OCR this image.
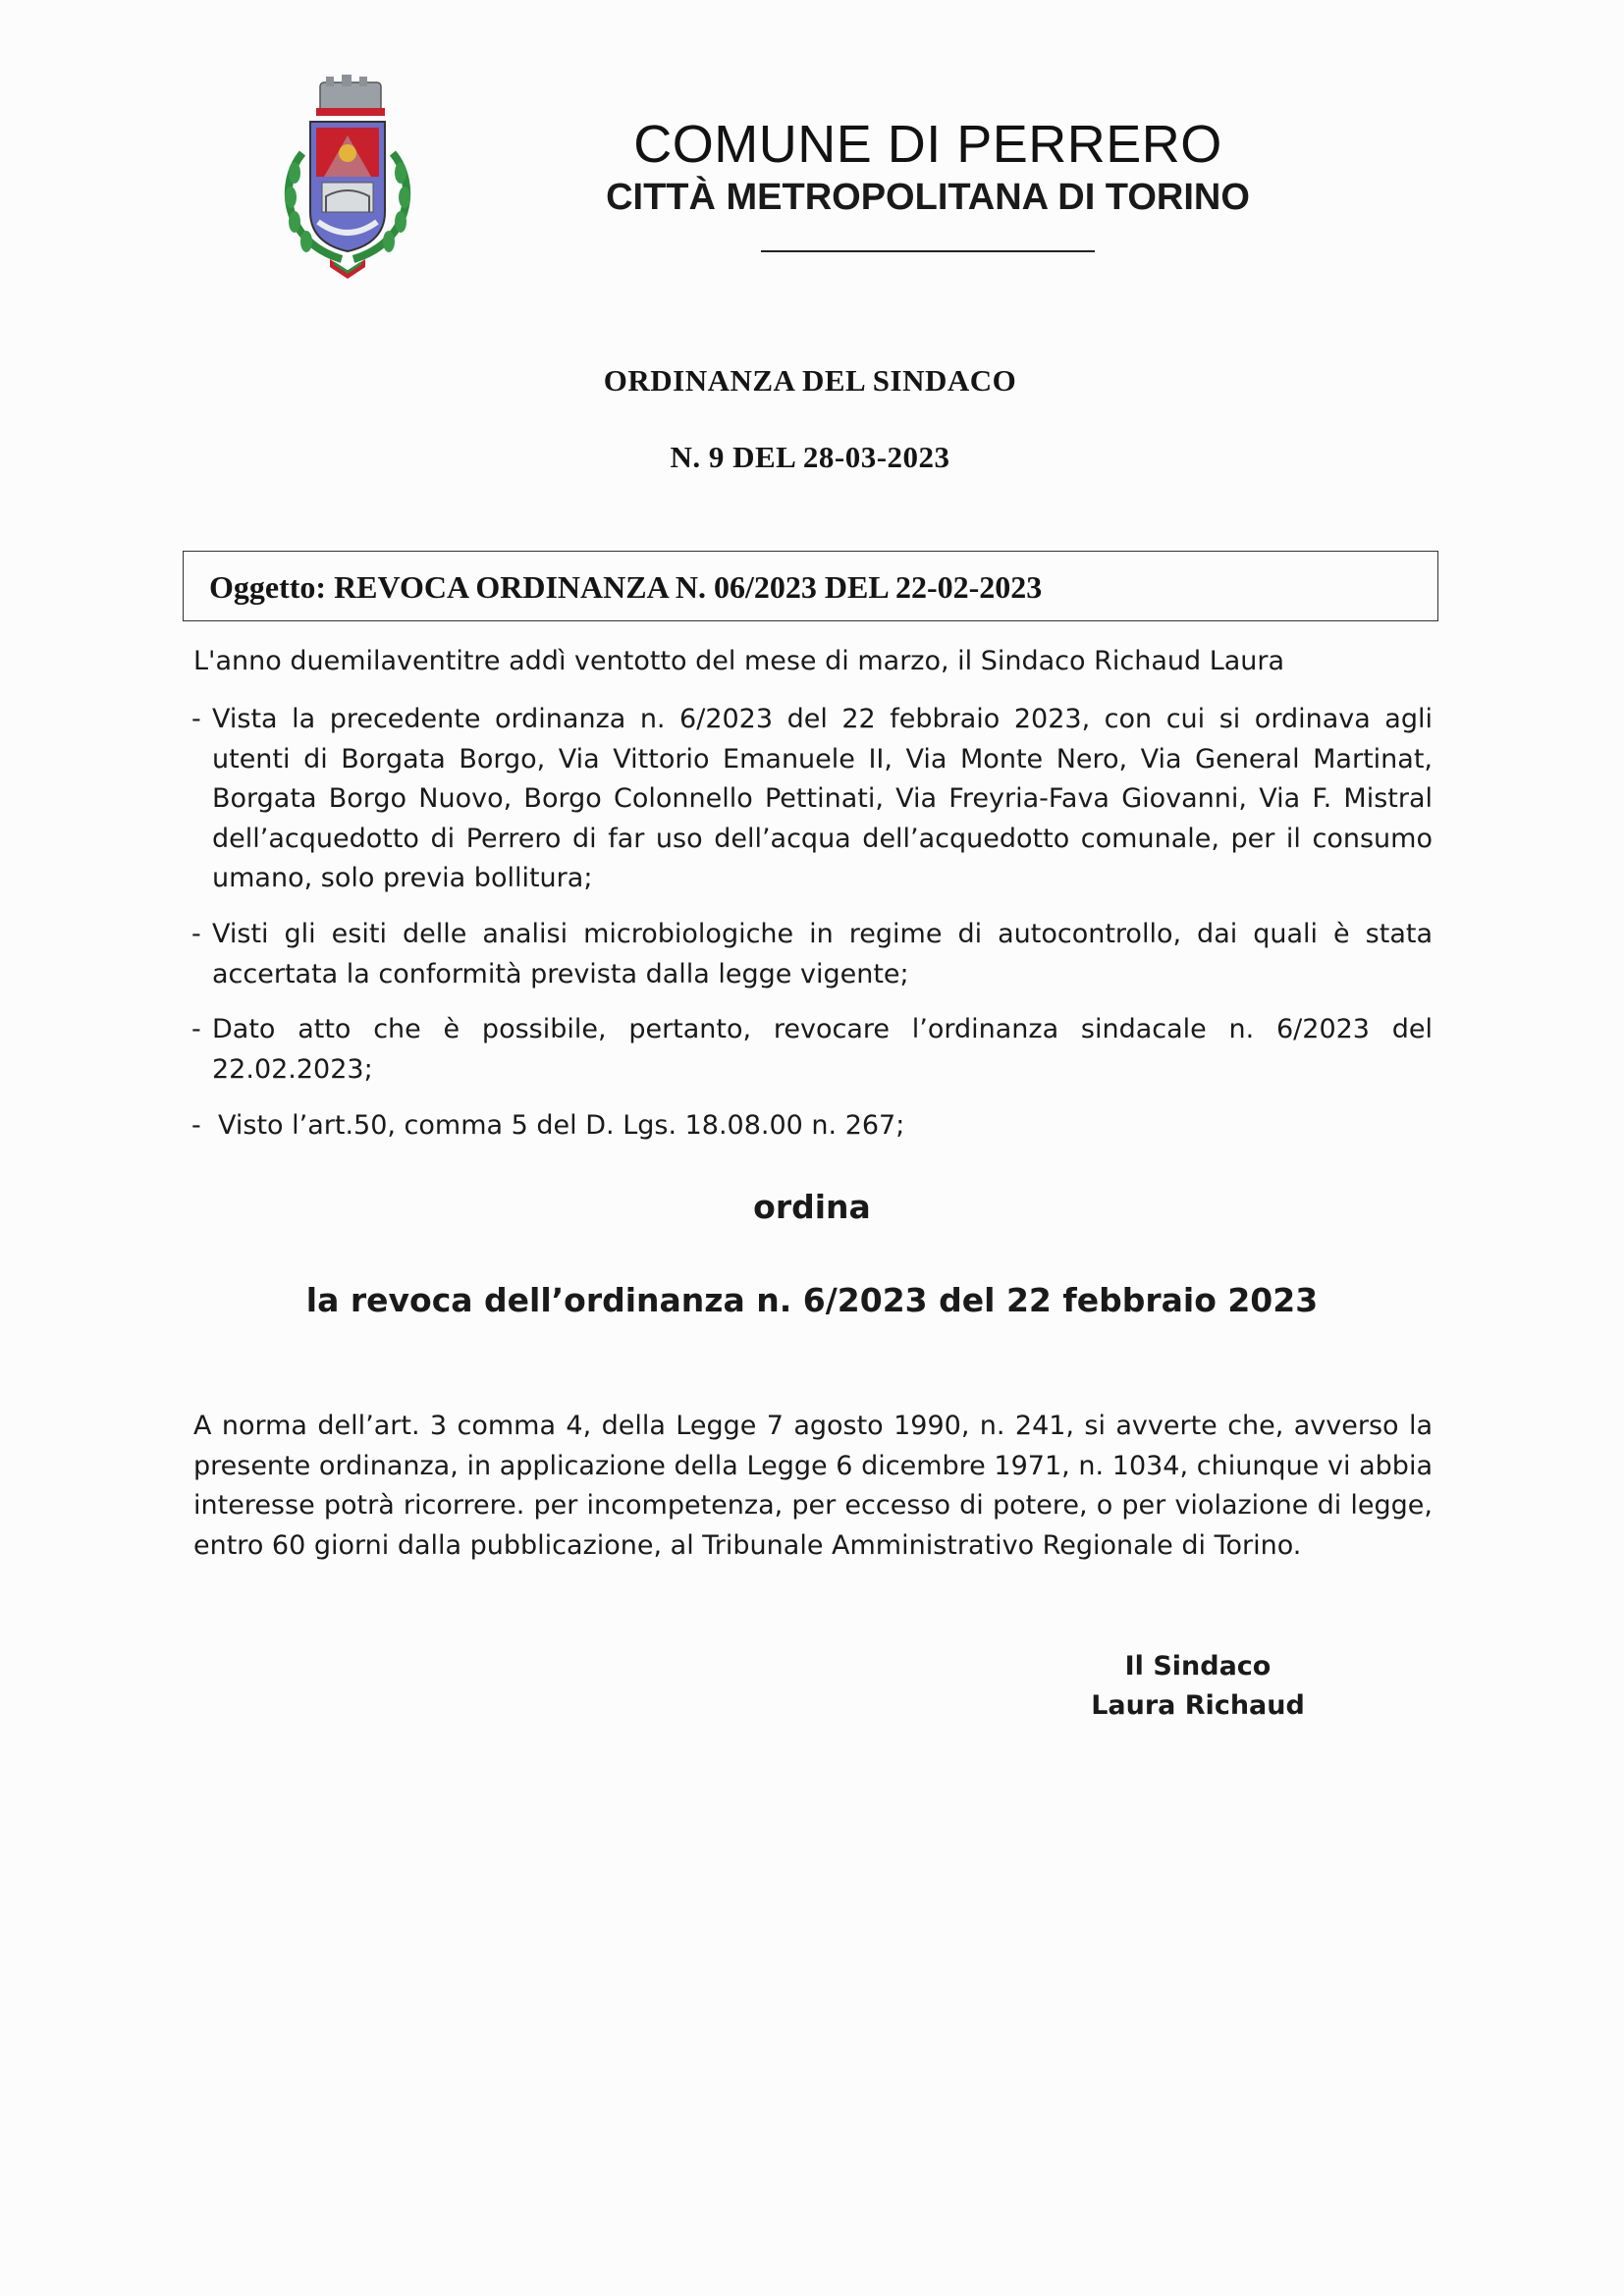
COMUNE DI PERRERO
CITTÀ METROPOLITANA DI TORINO
ORDINANZA DEL SINDACO
N. 9 DEL 28-03-2023
Oggetto: REVOCA ORDINANZA N. 06/2023 DEL 22-02-2023
L'anno duemilaventitre addì ventotto del mese di marzo, il Sindaco Richaud Laura
- Vista la precedente ordinanza n. 6/2023 del 22 febbraio 2023, con cui si ordinava agli utenti di Borgata Borgo, Via Vittorio Emanuele II, Via Monte Nero, Via General Martinat, Borgata Borgo Nuovo, Borgo Colonnello Pettinati, Via Freyria-Fava Giovanni, Via F. Mistral dell’acquedotto di Perrero di far uso dell’acqua dell’acquedotto comunale, per il consumo umano, solo previa bollitura;
- Visti gli esiti delle analisi microbiologiche in regime di autocontrollo, dai quali è stata accertata la conformità prevista dalla legge vigente;
- Dato atto che è possibile, pertanto, revocare l’ordinanza sindacale n. 6/2023 del 22.02.2023;
- Visto l’art.50, comma 5 del D. Lgs. 18.08.00 n. 267;
ordina
la revoca dell’ordinanza n. 6/2023 del 22 febbraio 2023
A norma dell’art. 3 comma 4, della Legge 7 agosto 1990, n. 241, si avverte che, avverso la presente ordinanza, in applicazione della Legge 6 dicembre 1971, n. 1034, chiunque vi abbia interesse potrà ricorrere. per incompetenza, per eccesso di potere, o per violazione di legge, entro 60 giorni dalla pubblicazione, al Tribunale Amministrativo Regionale di Torino.
Il Sindaco
Laura Richaud
